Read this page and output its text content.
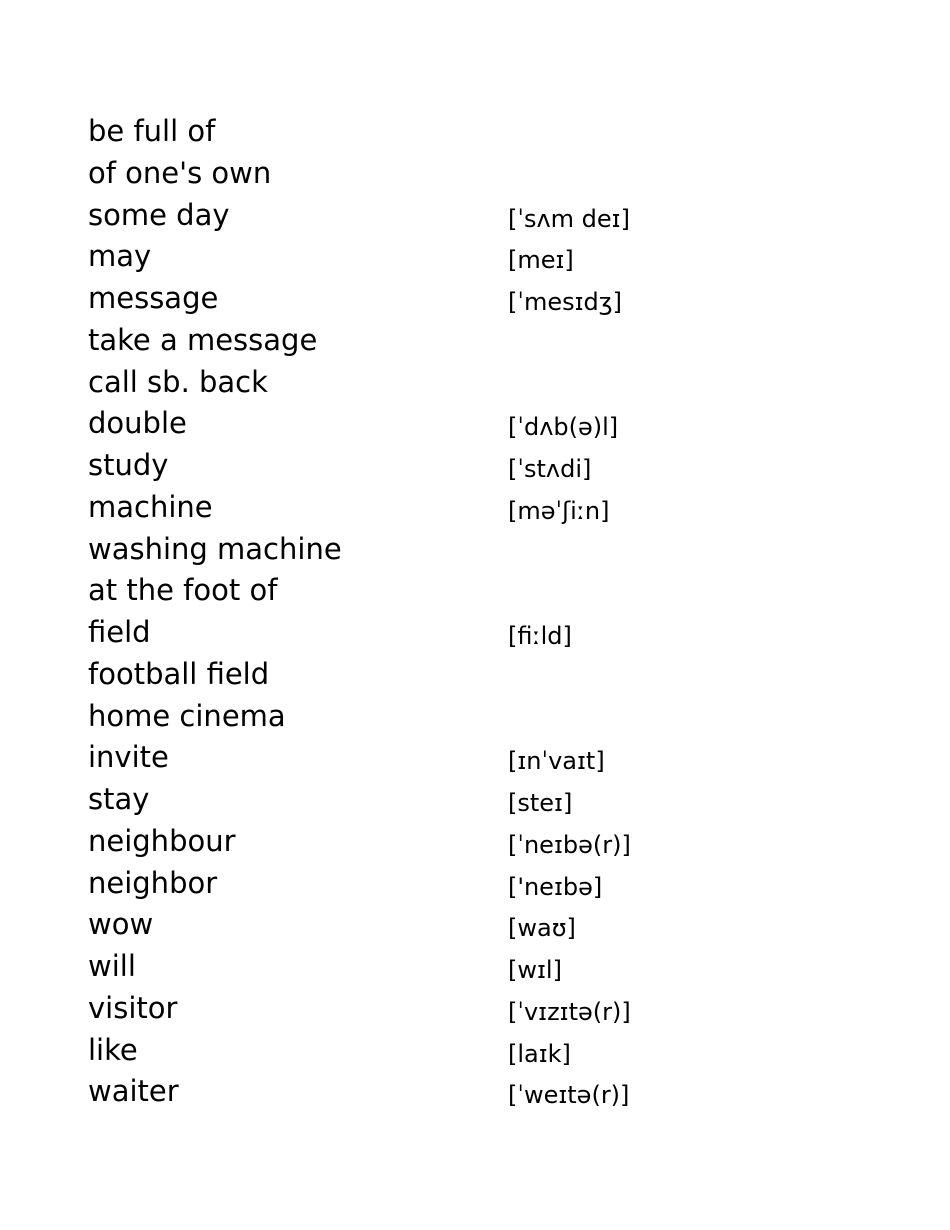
be full of
of one's own
some day	[ˈsʌm deɪ]
may	[meɪ]
message	[ˈmesɪdʒ]
take a message
call sb. back
double	[ˈdʌb(ə)l]
study	[ˈstʌdi]
machine	[məˈʃiːn]
washing machine
at the foot of
field	[fiːld]
football field
home cinema
invite	[ɪnˈvaɪt]
stay	[steɪ]
neighbour	[ˈneɪbə(r)]
neighbor	['neɪbə]
wow	[waʊ]
will	[wɪl]
visitor	[ˈvɪzɪtə(r)]
like	[laɪk]
waiter	[ˈweɪtə(r)]
